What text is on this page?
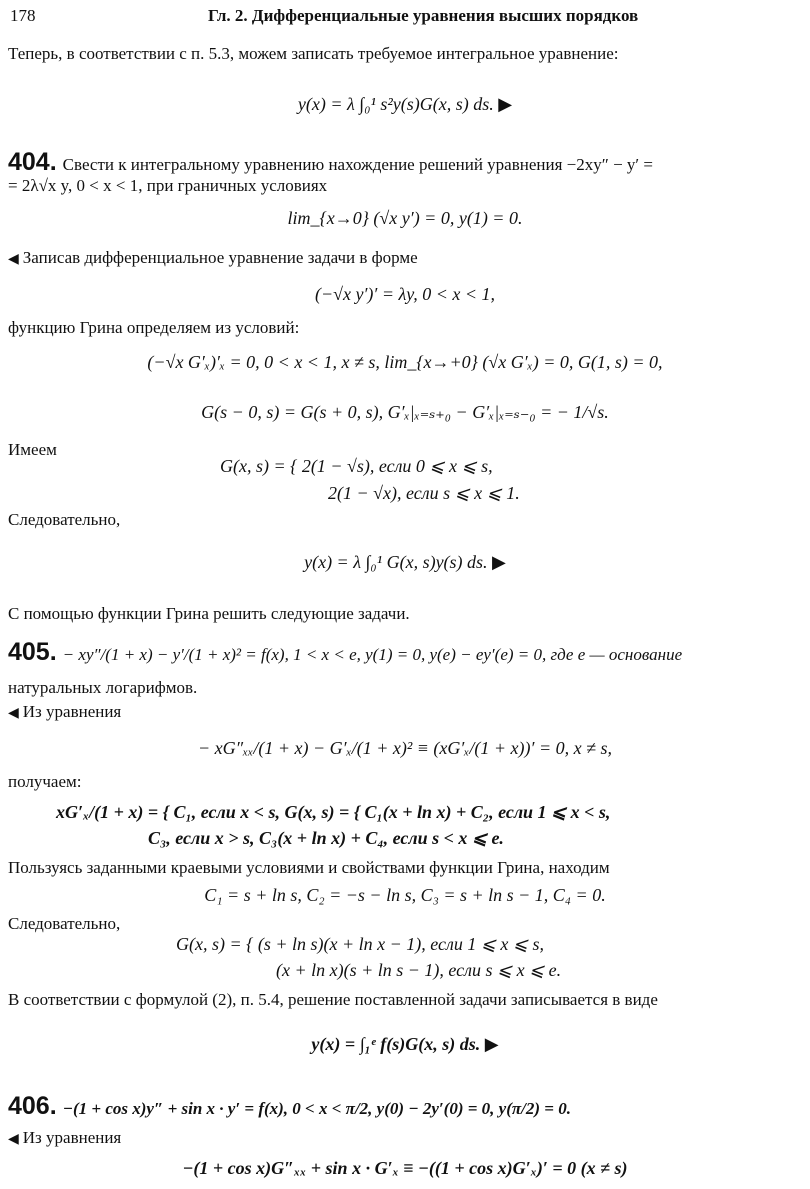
178	Гл. 2. Дифференциальные уравнения высших порядков
Теперь, в соответствии с п. 5.3, можем записать требуемое интегральное уравнение:
y(x) = λ ∫₀¹ s²y(s)G(x, s) ds. ▶
404. Свести к интегральному уравнению нахождение решений уравнения −2xy″ − y′ =
= 2λ√x y, 0 < x < 1, при граничных условиях
lim_{x→0} (√x y′) = 0, y(1) = 0.
◀ Записав дифференциальное уравнение задачи в форме
(−√x y′)′ = λy, 0 < x < 1,
функцию Грина определяем из условий:
(−√x G′ₓ)′ₓ = 0, 0 < x < 1, x ≠ s, lim_{x→+0} (√x G′ₓ) = 0, G(1, s) = 0,
G(s − 0, s) = G(s + 0, s), G′ₓ|ₓ₌ₛ₊₀ − G′ₓ|ₓ₌ₛ₋₀ = − 1/√s.
Имеем
G(x, s) = { 2(1 − √s), если 0 ⩽ x ⩽ s,
2(1 − √x), если s ⩽ x ⩽ 1.
Следовательно,
y(x) = λ ∫₀¹ G(x, s)y(s) ds. ▶
С помощью функции Грина решить следующие задачи.
405. − xy″/(1 + x) − y′/(1 + x)² = f(x), 1 < x < e, y(1) = 0, y(e) − ey′(e) = 0, где e — основание
натуральных логарифмов.
◀ Из уравнения
− xG″ₓₓ/(1 + x) − G′ₓ/(1 + x)² ≡ (xG′ₓ/(1 + x))′ = 0, x ≠ s,
получаем:
xG′ₓ/(1 + x) = { C₁, если x < s, G(x, s) = { C₁(x + ln x) + C₂, если 1 ⩽ x < s,
C₃, если x > s, C₃(x + ln x) + C₄, если s < x ⩽ e.
Пользуясь заданными краевыми условиями и свойствами функции Грина, находим
C₁ = s + ln s, C₂ = −s − ln s, C₃ = s + ln s − 1, C₄ = 0.
Следовательно,
G(x, s) = { (s + ln s)(x + ln x − 1), если 1 ⩽ x ⩽ s,
(x + ln x)(s + ln s − 1), если s ⩽ x ⩽ e.
В соответствии с формулой (2), п. 5.4, решение поставленной задачи записывается в виде
y(x) = ∫₁ᵉ f(s)G(x, s) ds. ▶
406. −(1 + cos x)y″ + sin x · y′ = f(x), 0 < x < π/2, y(0) − 2y′(0) = 0, y(π/2) = 0.
◀ Из уравнения
−(1 + cos x)G″ₓₓ + sin x · G′ₓ ≡ −((1 + cos x)G′ₓ)′ = 0 (x ≠ s)
